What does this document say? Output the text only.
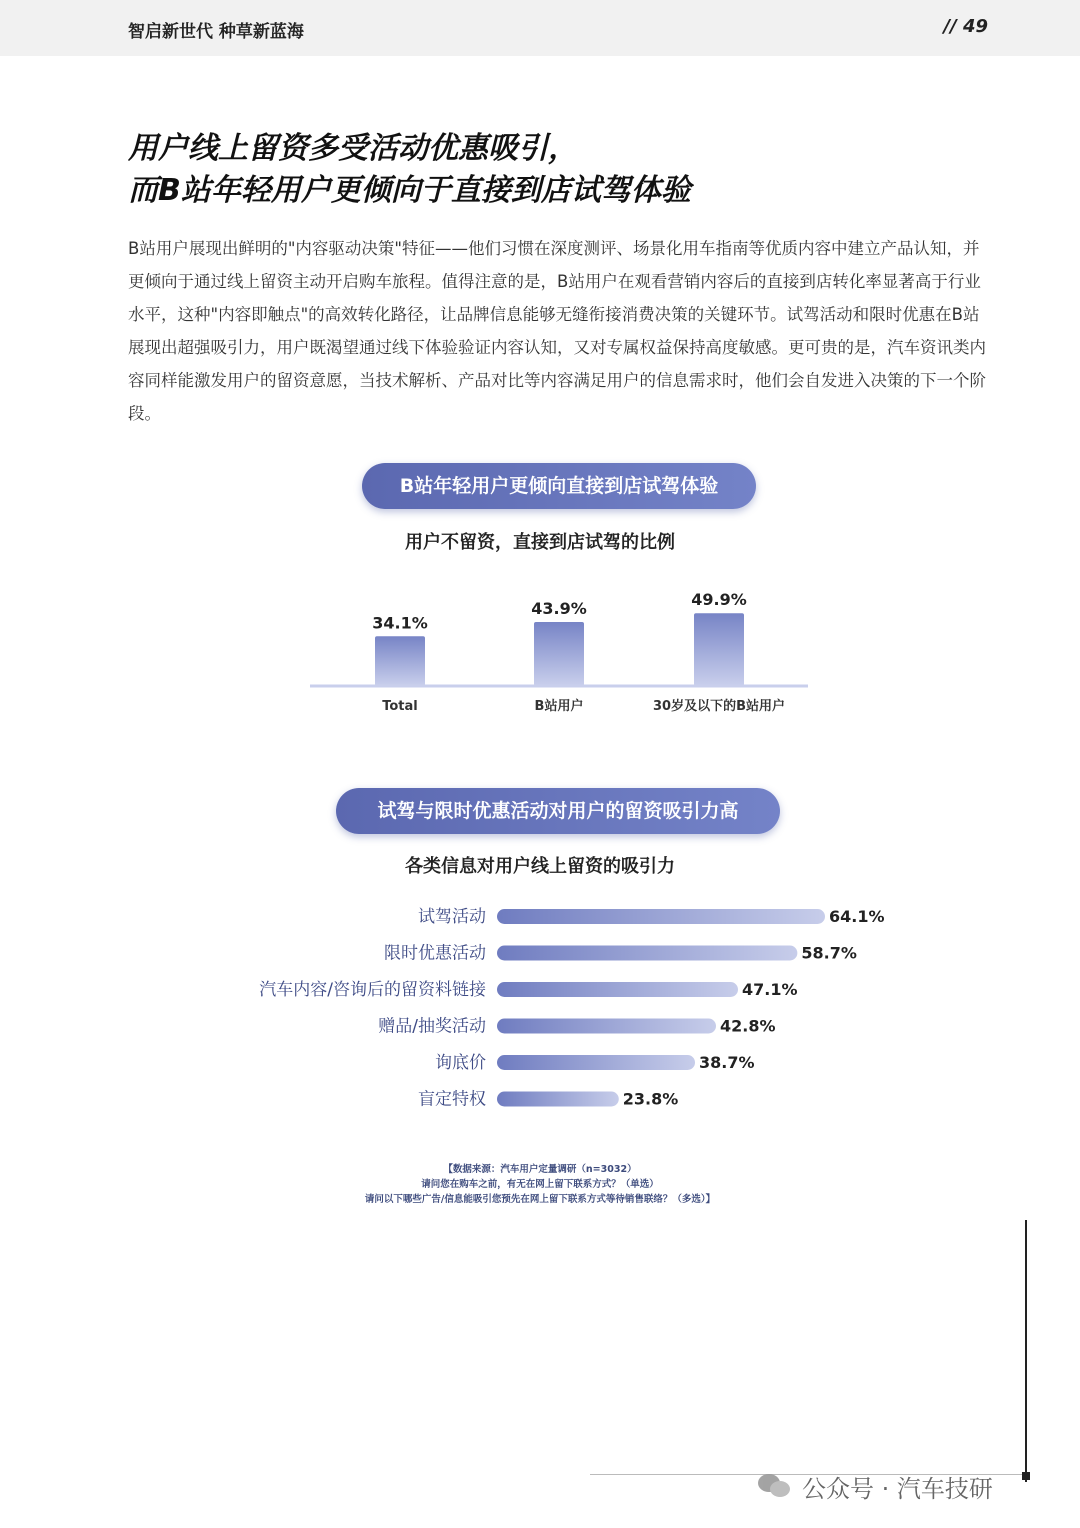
智启新世代 种草新蓝海	// 49
用户线上留资多受活动优惠吸引，
而B站年轻用户更倾向于直接到店试驾体验
B站用户展现出鲜明的"内容驱动决策"特征——他们习惯在深度测评、场景化用车指南等优质内容中建立产品认知，并更倾向于通过线上留资主动开启购车旅程。值得注意的是，B站用户在观看营销内容后的直接到店转化率显著高于行业水平，这种"内容即触点"的高效转化路径，让品牌信息能够无缝衔接消费决策的关键环节。试驾活动和限时优惠在B站展现出超强吸引力，用户既渴望通过线下体验验证内容认知，又对专属权益保持高度敏感。更可贵的是，汽车资讯类内容同样能激发用户的留资意愿，当技术解析、产品对比等内容满足用户的信息需求时，他们会自发进入决策的下一个阶段。
B站年轻用户更倾向直接到店试驾体验
用户不留资，直接到店试驾的比例
34.1%
Total
43.9%
B站用户
49.9%
30岁及以下的B站用户
试驾与限时优惠活动对用户的留资吸引力高
各类信息对用户线上留资的吸引力
试驾活动	64.1%
限时优惠活动	58.7%
汽车内容/咨询后的留资料链接	47.1%
赠品/抽奖活动	42.8%
询底价	38.7%
盲定特权	23.8%
【数据来源：汽车用户定量调研（n=3032）
请问您在购车之前，有无在网上留下联系方式？（单选）
请问以下哪些广告/信息能吸引您预先在网上留下联系方式等待销售联络？（多选）】
公众号 · 汽车技研
